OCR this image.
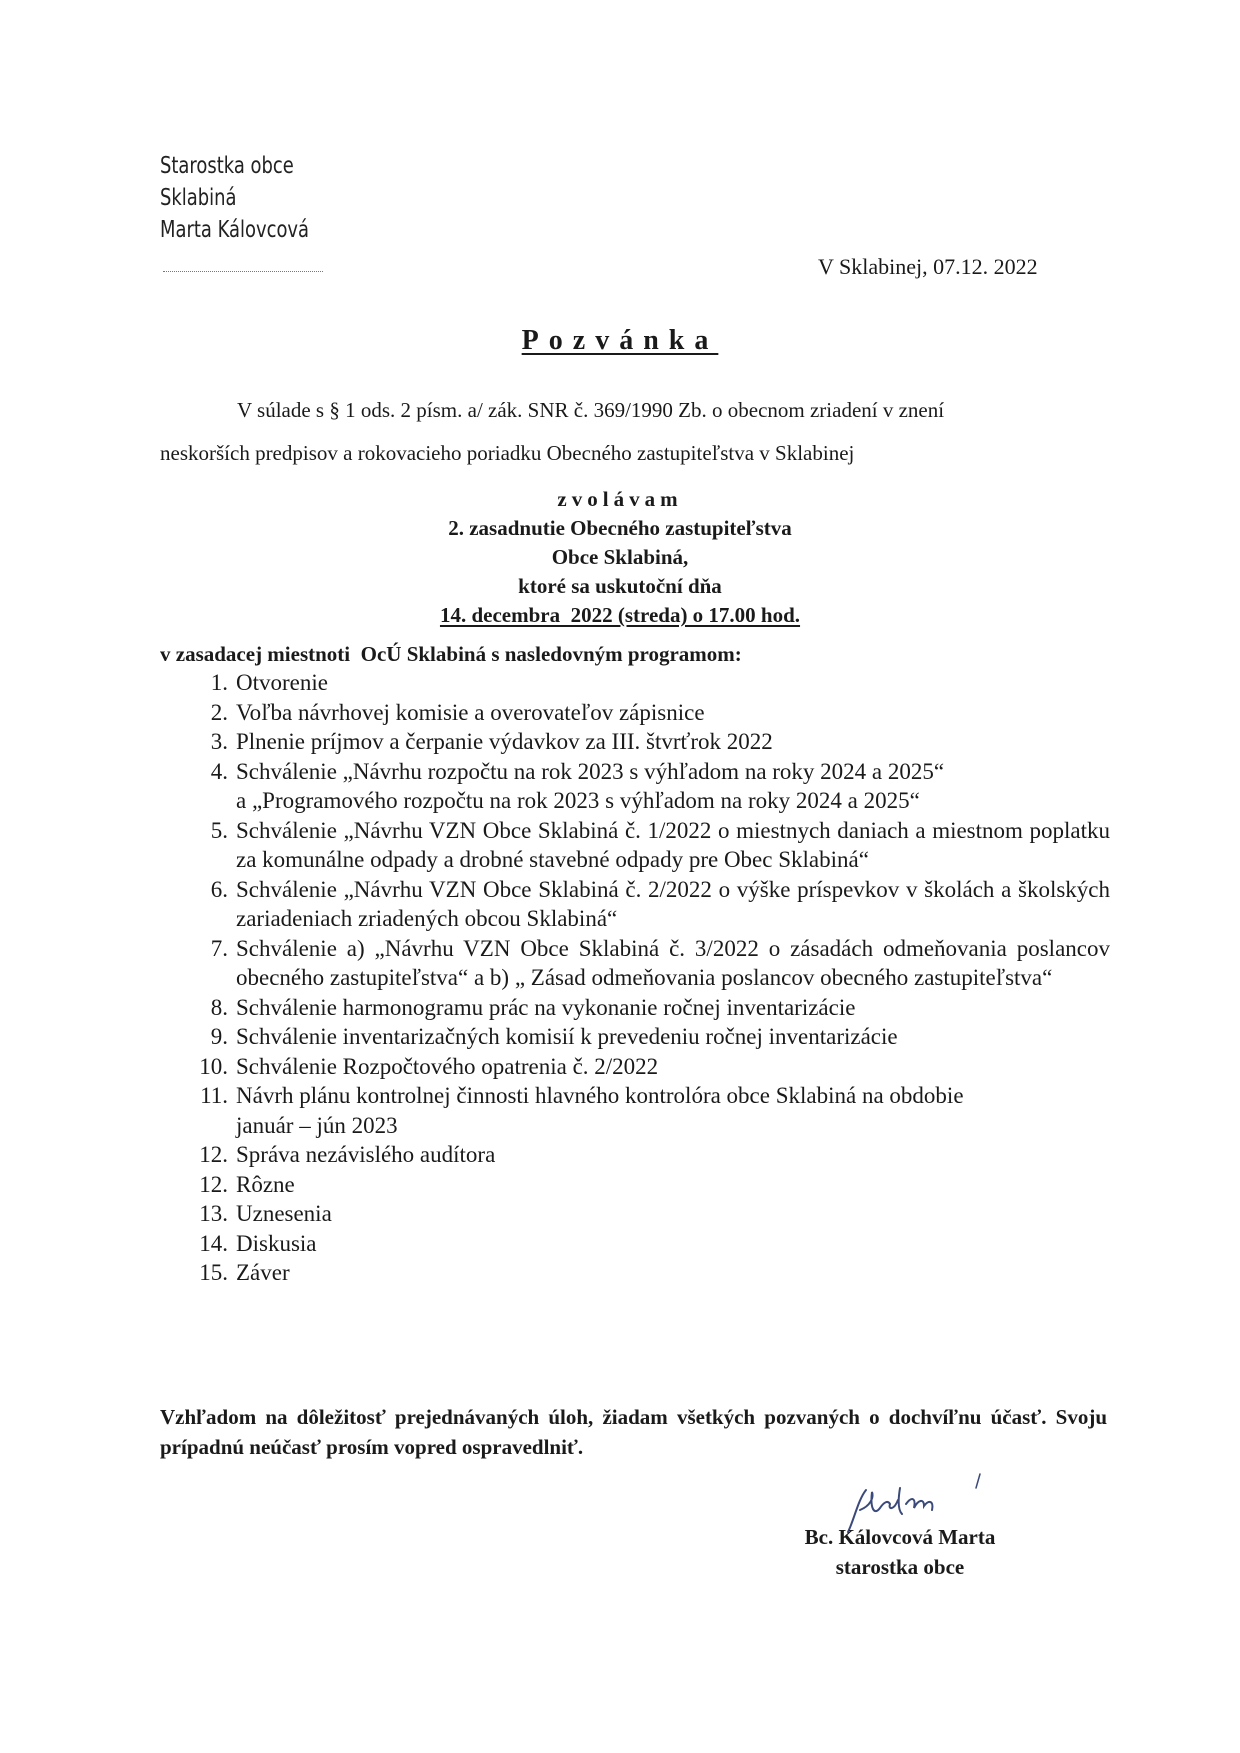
Starostka obce
Sklabiná
Marta Kálovcová
V Sklabinej, 07.12. 2022
Pozvánka
V súlade s § 1 ods. 2 písm. a/ zák. SNR č. 369/1990 Zb. o obecnom zriadení v znení
neskorších predpisov a rokovacieho poriadku Obecného zastupiteľstva v Sklabinej
zvolávam
2. zasadnutie Obecného zastupiteľstva
Obce Sklabiná,
ktoré sa uskutoční dňa
14. decembra  2022 (streda) o 17.00 hod.
v zasadacej miestnoti  OcÚ Sklabiná s nasledovným programom:
1. Otvorenie
2. Voľba návrhovej komisie a overovateľov zápisnice
3. Plnenie príjmov a čerpanie výdavkov za III. štvrťrok 2022
4. Schválenie „Návrhu rozpočtu na rok 2023 s výhľadom na roky 2024 a 2025“
a „Programového rozpočtu na rok 2023 s výhľadom na roky 2024 a 2025“
5. Schválenie „Návrhu VZN Obce Sklabiná č. 1/2022 o miestnych daniach a miestnom poplatku za komunálne odpady a drobné stavebné odpady pre Obec Sklabiná“
6. Schválenie „Návrhu VZN Obce Sklabiná č. 2/2022 o výške príspevkov v školách a školských zariadeniach zriadených obcou Sklabiná“
7. Schválenie a) „Návrhu VZN Obce Sklabiná č. 3/2022 o zásadách odmeňovania poslancov obecného zastupiteľstva“ a b) „ Zásad odmeňovania poslancov obecného zastupiteľstva“
8. Schválenie harmonogramu prác na vykonanie ročnej inventarizácie
9. Schválenie inventarizačných komisií k prevedeniu ročnej inventarizácie
10. Schválenie Rozpočtového opatrenia č. 2/2022
11. Návrh plánu kontrolnej činnosti hlavného kontrolóra obce Sklabiná na obdobie
január – jún 2023
12. Správa nezávislého audítora
12. Rôzne
13. Uznesenia
14. Diskusia
15. Záver
Vzhľadom na dôležitosť prejednávaných úloh, žiadam všetkých pozvaných o dochvíľnu účasť. Svoju prípadnú neúčasť prosím vopred ospravedlniť.
Bc. Kálovcová Marta
starostka obce
